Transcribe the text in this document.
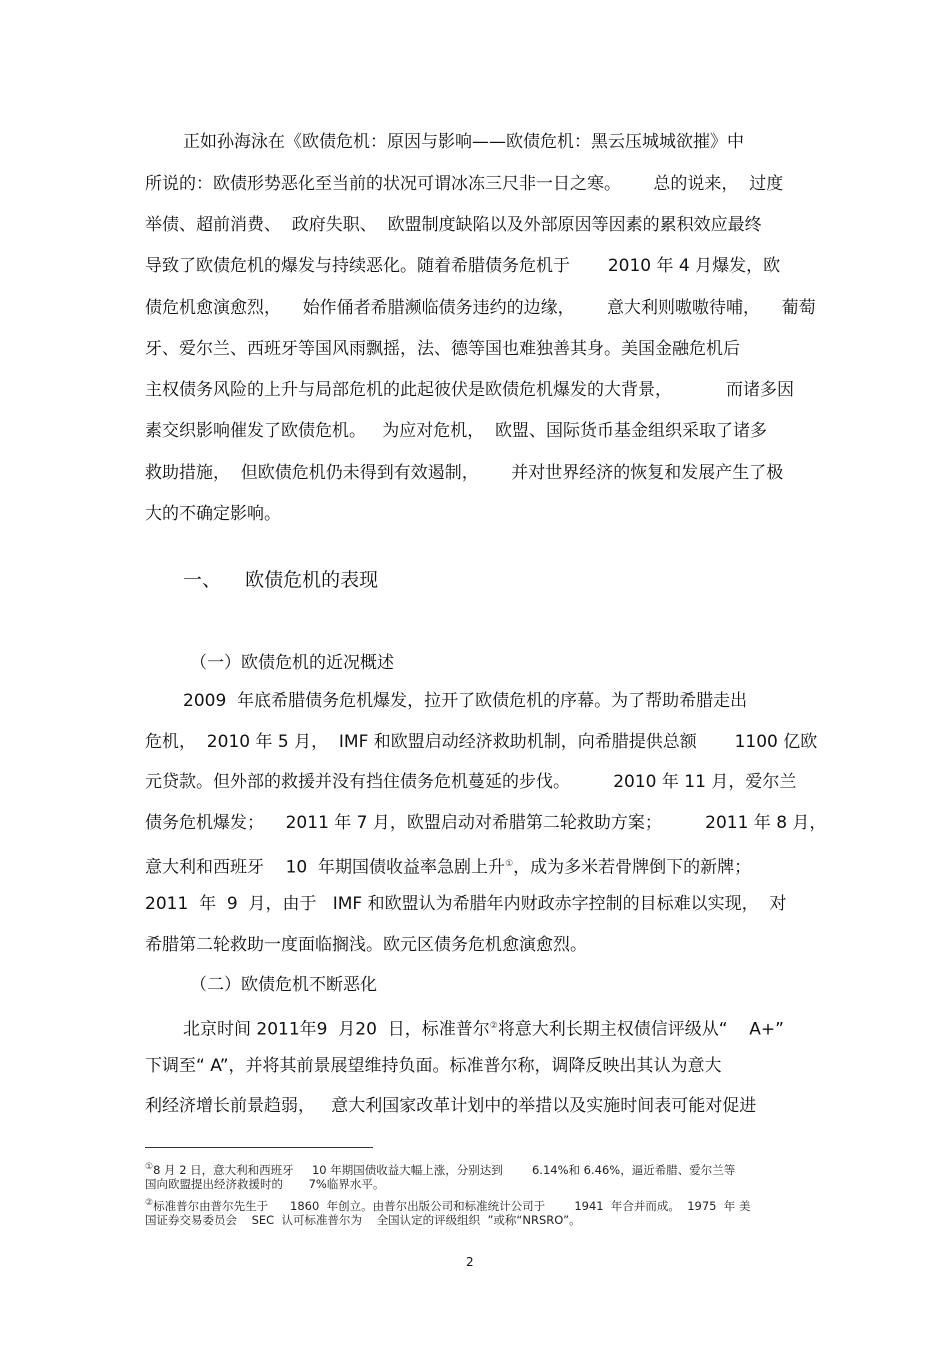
正如孙海泳在《欧债危机：原因与影响——欧债危机：黑云压城城欲摧》中
所说的：欧债形势恶化至当前的状况可谓冰冻三尺非一日之寒。      总的说来，  过度
举债、超前消费、  政府失职、  欧盟制度缺陷以及外部原因等因素的累积效应最终
导致了欧债危机的爆发与持续恶化。随着希腊债务危机于       2010 年 4 月爆发，欧
债危机愈演愈烈，    始作俑者希腊濒临债务违约的边缘，      意大利则嗷嗷待哺，    葡萄
牙、爱尔兰、西班牙等国风雨飘摇，法、德等国也难独善其身。美国金融危机后
主权债务风险的上升与局部危机的此起彼伏是欧债危机爆发的大背景，          而诸多因
素交织影响催发了欧债危机。   为应对危机，  欧盟、国际货币基金组织采取了诸多
救助措施，  但欧债危机仍未得到有效遏制，      并对世界经济的恢复和发展产生了极
大的不确定影响。
一、    欧债危机的表现
（一）欧债危机的近况概述
2009  年底希腊债务危机爆发，拉开了欧债危机的序幕。为了帮助希腊走出
危机，  2010 年 5 月，  IMF 和欧盟启动经济救助机制，向希腊提供总额       1100 亿欧
元贷款。但外部的救援并没有挡住债务危机蔓延的步伐。        2010 年 11 月，爱尔兰
债务危机爆发；    2011 年 7 月，欧盟启动对希腊第二轮救助方案；        2011 年 8 月，
意大利和西班牙    10  年期国债收益率急剧上升①，成为多米若骨牌倒下的新牌；
2011  年  9  月，由于   IMF 和欧盟认为希腊年内财政赤字控制的目标难以实现，  对
希腊第二轮救助一度面临搁浅。欧元区债务危机愈演愈烈。
（二）欧债危机不断恶化
北京时间 2011年9  月20  日，标准普尔②将意大利长期主权债信评级从“    A+”
下调至“ A”，并将其前景展望维持负面。标准普尔称，调降反映出其认为意大
利经济增长前景趋弱，   意大利国家改革计划中的举措以及实施时间表可能对促进
①8 月 2 日，意大利和西班牙     10 年期国债收益大幅上涨，分别达到        6.14%和 6.46%，逼近希腊、爱尔兰等
国向欧盟提出经济救援时的       7%临界水平。
②标准普尔由普尔先生于      1860  年创立。由普尔出版公司和标准统计公司于        1941  年合并而成。  1975  年 美
国证券交易委员会    SEC  认可标准普尔为    全国认定的评级组织  ”或称“NRSRO”。
2
